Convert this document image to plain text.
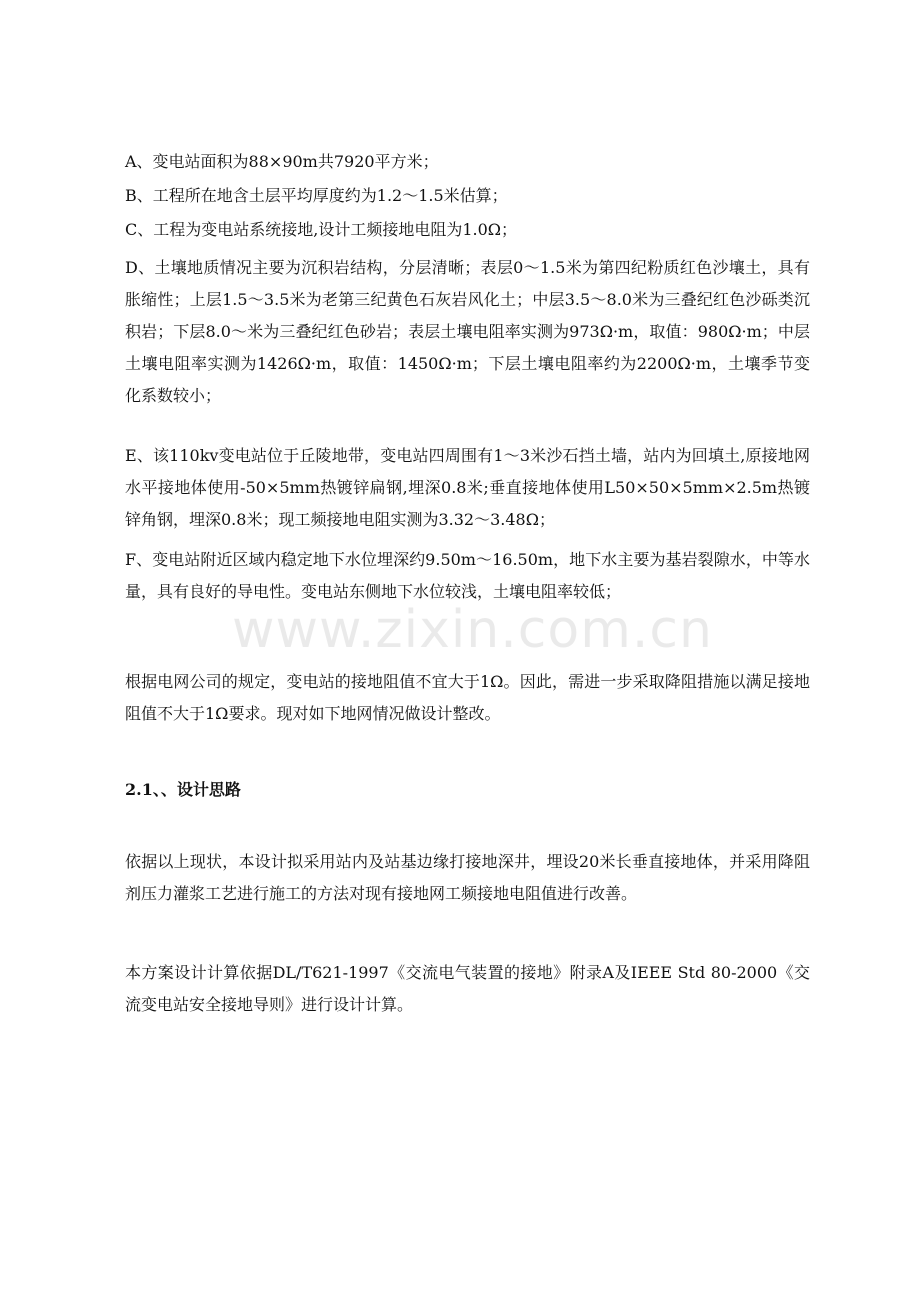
A、变电站面积为88×90m共7920平方米；

B、工程所在地含土层平均厚度约为1.2～1.5米估算；

C、工程为变电站系统接地,设计工频接地电阻为1.0Ω；

D、土壤地质情况主要为沉积岩结构，分层清晰；表层0～1.5米为第四纪粉质红色沙壤土，具有胀缩性；上层1.5～3.5米为老第三纪黄色石灰岩风化土；中层3.5～8.0米为三叠纪红色沙砾类沉积岩；下层8.0～米为三叠纪红色砂岩；表层土壤电阻率实测为973Ω·m，取值：980Ω·m；中层土壤电阻率实测为1426Ω·m，取值：1450Ω·m；下层土壤电阻率约为2200Ω·m，土壤季节变化系数较小；

E、该110kv变电站位于丘陵地带，变电站四周围有1～3米沙石挡土墙，站内为回填土,原接地网水平接地体使用-50×5mm热镀锌扁钢,埋深0.8米;垂直接地体使用L50×50×5mm×2.5m热镀锌角钢，埋深0.8米；现工频接地电阻实测为3.32～3.48Ω；

F、变电站附近区域内稳定地下水位埋深约9.50m～16.50m，地下水主要为基岩裂隙水，中等水量，具有良好的导电性。变电站东侧地下水位较浅，土壤电阻率较低；

www.zixin.com.cn

根据电网公司的规定，变电站的接地阻值不宜大于1Ω。因此，需进一步采取降阻措施以满足接地阻值不大于1Ω要求。现对如下地网情况做设计整改。

2.1、、设计思路

依据以上现状，本设计拟采用站内及站基边缘打接地深井，埋设20米长垂直接地体，并采用降阻剂压力灌浆工艺进行施工的方法对现有接地网工频接地电阻值进行改善。

本方案设计计算依据DL/T621-1997《交流电气装置的接地》附录A及IEEE Std 80-2000《交流变电站安全接地导则》进行设计计算。
